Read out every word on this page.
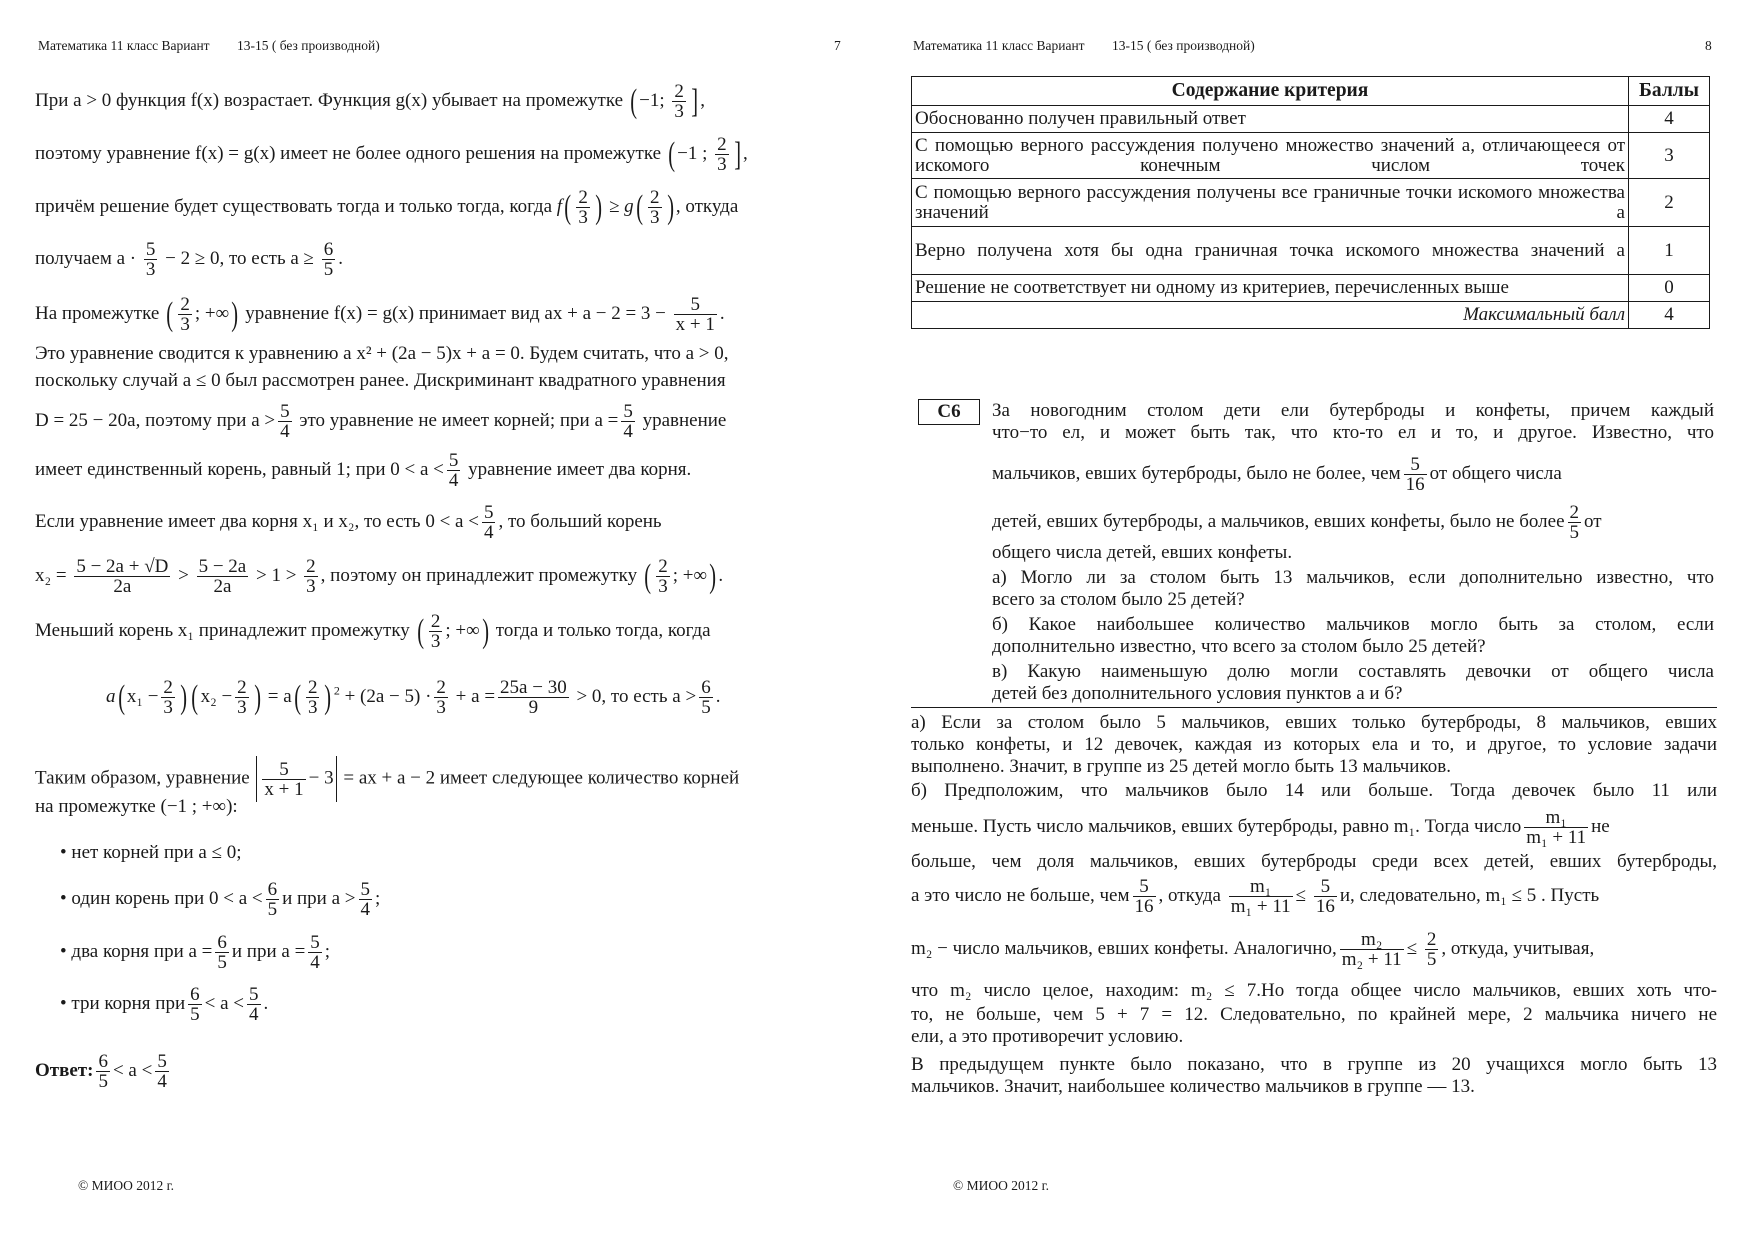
Математика 11 класс Вариант 13-15 ( без производной)	7
При a > 0 функция f(x) возрастает. Функция g(x) убывает на промежутке ( −1; $\frac{2}{3}$ ] ,
поэтому уравнение f(x) = g(x) имеет не более одного решения на промежутке ( −1 ; $\frac{2}{3}$ ] ,
причём решение будет существовать тогда и только тогда, когда $f( \frac{2}{3}$ ) ≥ $g( \frac{2}{3}$ ) , откуда
получаем $a \cdot \frac{5}{3} - 2 \ge 0$, то есть $a \ge \frac{6}{5}$ .
На промежутке ( $\frac{2}{3}$ ; +∞) уравнение f(x) = g(x) принимает вид ax + $a - 2 = 3 - \frac{5}{x + 1}$ .
Это уравнение сводится к уравнению a x² + (2a − 5)x + a = 0. Будем считать, что a > 0,
поскольку случай a ≤ 0 был рассмотрен ранее. Дискриминант квадратного уравнения
D = 25 − 20a, поэтому при $a > \frac{5}{4}$ это уравнение не имеет корней; при $a = \frac{5}{4}$ уравнение
имеет единственный корень, равный 1; при $0 < a < \frac{5}{4}$ уравнение имеет два корня.
Если уравнение имеет два корня x₁ и x₂, то есть $0 < a < \frac{5}{4}$ , то больший корень
$x_2 = \frac{5 - 2a + √D}{2a} > \frac{5 - 2a}{2a} > 1 > \frac{2}{3}$ , поэтому он принадлежит промежутку ( $\frac{2}{3}$ ; +∞) .
Меньший корень x₁ принадлежит промежутку ( $\frac{2}{3}$ ; +∞) тогда и только тогда, когда
a( $x_1 - \frac{2}{3}$ ) ( $x_2 - \frac{2}{3}$ ) = $a( \frac{2}{3}$ ) $^2 + (2a - 5) \cdot \frac{2}{3} + a = \frac{25a - 30}{9} > 0$, то есть $a > \frac{6}{5}$ .
Таким образом, уравнение $\frac{5}{x + 1} - 3$ = ax + a − 2 имеет следующее количество корней
на промежутке (−1 ; +∞):
• нет корней при a ≤ 0;
• один корень при $0 < a < \frac{6}{5}$ и при $a > \frac{5}{4}$ ;
• два корня при $a = \frac{6}{5}$ и при $a = \frac{5}{4}$ ;
• три корня при $\frac{6}{5} < a < \frac{5}{4}$ .
Ответ: $\frac{6}{5} < a < \frac{5}{4}$
© МИОО 2012 г.
Математика 11 класс Вариант 13-15 ( без производной)	8
© МИОО 2012 г.
Содержание критерия	Баллы
Обоснованно получен правильный ответ	4
С помощью верного рассуждения получено множество значений a, отличающееся от искомого конечным числом точек	3
С помощью верного рассуждения получены все граничные точки искомого множества значений a	2
Верно получена хотя бы одна граничная точка искомого множества значений a	1
Решение не соответствует ни одному из критериев, перечисленных выше	0
Максимальный балл	4
С6	За новогодним столом дети ели бутерброды и конфеты, причем каждый
что−то ел, и может быть так, что кто-то ел и то, и другое. Известно, что
мальчиков, евших бутерброды, было не более, чем $\frac{5}{16}$ от общего числа
детей, евших бутерброды, а мальчиков, евших конфеты, было не более $\frac{2}{5}$ от
общего числа детей, евших конфеты.
а) Могло ли за столом быть 13 мальчиков, если дополнительно известно, что
всего за столом было 25 детей?
б) Какое наибольшее количество мальчиков могло быть за столом, если
дополнительно известно, что всего за столом было 25 детей?
в) Какую наименьшую долю могли составлять девочки от общего числа
детей без дополнительного условия пунктов а и б?
а) Если за столом было 5 мальчиков, евших только бутерброды, 8 мальчиков, евших
только конфеты, и 12 девочек, каждая из которых ела и то, и другое, то условие задачи
выполнено. Значит, в группе из 25 детей могло быть 13 мальчиков.
б) Предположим, что мальчиков было 14 или больше. Тогда девочек было 11 или
меньше. Пусть число мальчиков, евших бутерброды, равно m₁. Тогда число $\frac{\text{m₁}}{\text{m₁ + 11}}$ не
больше, чем доля мальчиков, евших бутерброды среди всех детей, евших бутерброды,
а это число не больше, чем $\frac{5}{16}$ , откуда $\frac{\text{m₁}}{\text{m₁ + 11}} \le \frac{5}{16} и$, следовательно, m₁ ≤ 5 . Пусть
m₂ − число мальчиков, евших конфеты. Аналогично, $\frac{\text{m₂}}{\text{m₂ + 11}} \le \frac{2}{5}$ , откуда, учитывая,
что m₂ число целое, находим: m₂ ≤ 7.Но тогда общее число мальчиков, евших хоть что-
то, не больше, чем 5 + 7 = 12. Следовательно, по крайней мере, 2 мальчика ничего не
ели, а это противоречит условию.
В предыдущем пункте было показано, что в группе из 20 учащихся могло быть 13
мальчиков. Значит, наибольшее количество мальчиков в группе — 13.
